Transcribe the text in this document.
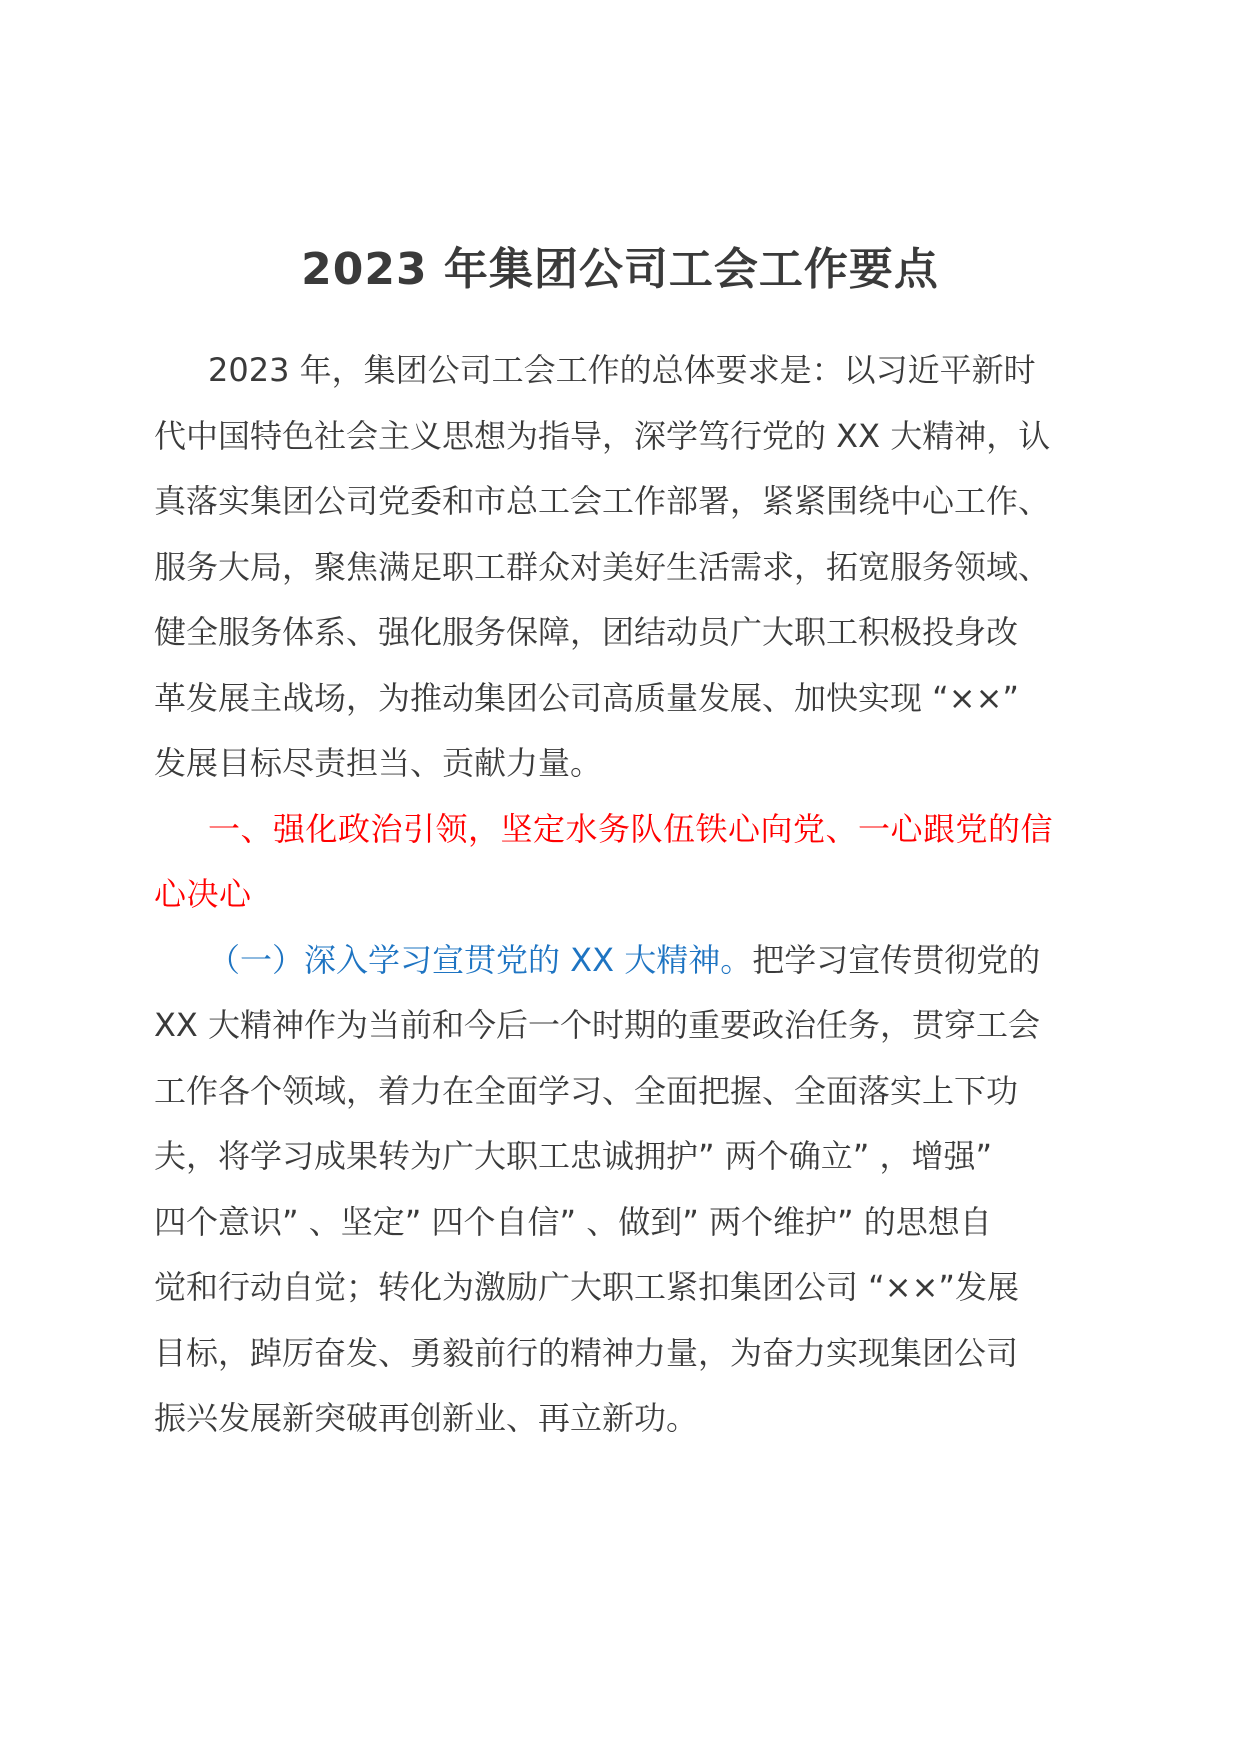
2023 年集团公司工会工作要点
2023 年，集团公司工会工作的总体要求是：以习近平新时
代中国特色社会主义思想为指导，深学笃行党的 XX 大精神，认
真落实集团公司党委和市总工会工作部署，紧紧围绕中心工作、
服务大局，聚焦满足职工群众对美好生活需求，拓宽服务领域、
健全服务体系、强化服务保障，团结动员广大职工积极投身改
革发展主战场，为推动集团公司高质量发展、加快实现 “××”
发展目标尽责担当、贡献力量。
一、强化政治引领，坚定水务队伍铁心向党、一心跟党的信
心决心
（一）深入学习宣贯党的 XX 大精神。把学习宣传贯彻党的
XX 大精神作为当前和今后一个时期的重要政治任务，贯穿工会
工作各个领域，着力在全面学习、全面把握、全面落实上下功
夫，将学习成果转为广大职工忠诚拥护” 两个确立” ，增强”
四个意识” 、坚定” 四个自信” 、做到” 两个维护” 的思想自
觉和行动自觉；转化为激励广大职工紧扣集团公司 “××”发展
目标，踔厉奋发、勇毅前行的精神力量，为奋力实现集团公司
振兴发展新突破再创新业、再立新功。
